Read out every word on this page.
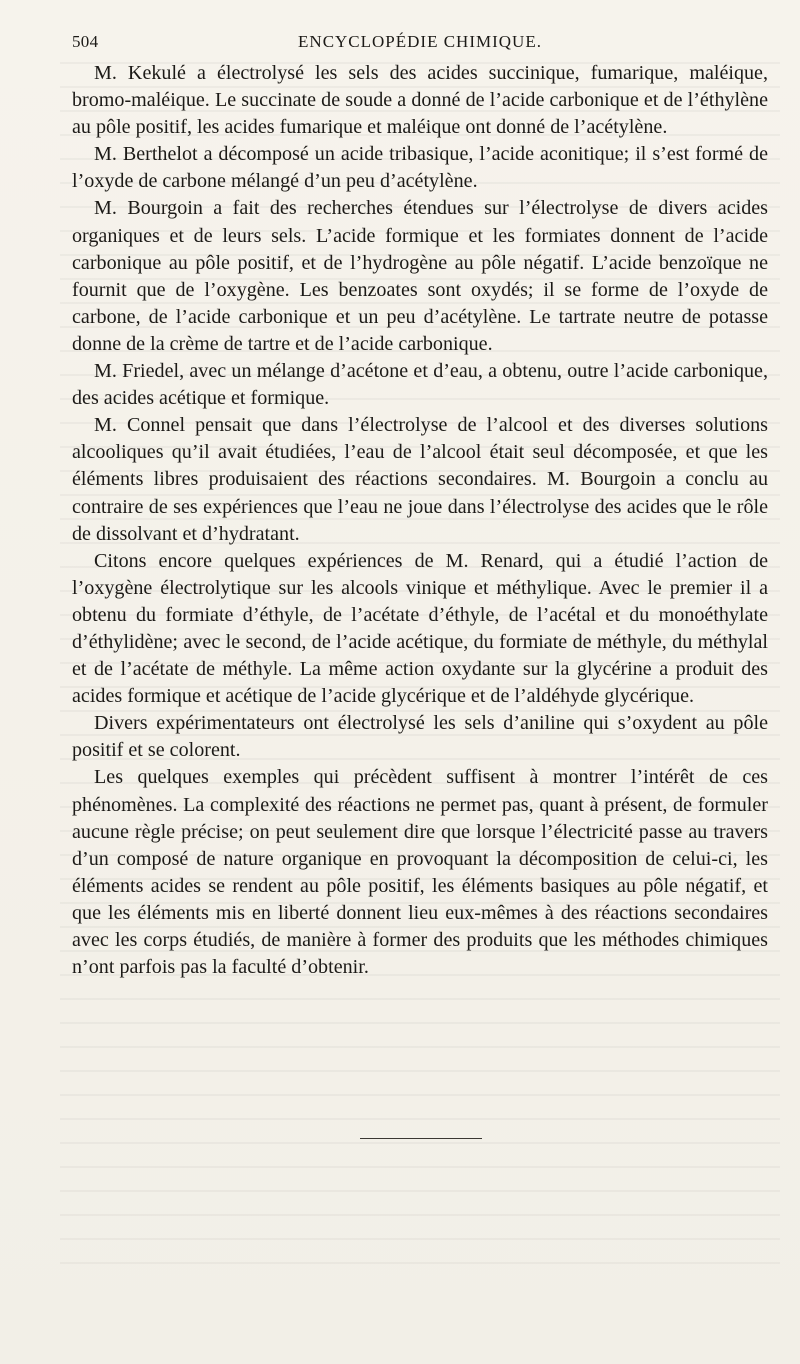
504	ENCYCLOPÉDIE CHIMIQUE.

M. Kekulé a électrolysé les sels des acides succinique, fumarique, maléique, bromo-maléique. Le succinate de soude a donné de l’acide carbonique et de l’éthylène au pôle positif, les acides fumarique et maléique ont donné de l’acétylène.

M. Berthelot a décomposé un acide tribasique, l’acide aconitique; il s’est formé de l’oxyde de carbone mélangé d’un peu d’acétylène.

M. Bourgoin a fait des recherches étendues sur l’électrolyse de divers acides organiques et de leurs sels. L’acide formique et les formiates donnent de l’acide carbonique au pôle positif, et de l’hydrogène au pôle négatif. L’acide benzoïque ne fournit que de l’oxygène. Les benzoates sont oxydés; il se forme de l’oxyde de carbone, de l’acide carbonique et un peu d’acétylène. Le tartrate neutre de potasse donne de la crème de tartre et de l’acide carbonique.

M. Friedel, avec un mélange d’acétone et d’eau, a obtenu, outre l’acide carbonique, des acides acétique et formique.

M. Connel pensait que dans l’électrolyse de l’alcool et des diverses solutions alcooliques qu’il avait étudiées, l’eau de l’alcool était seul décomposée, et que les éléments libres produisaient des réactions secondaires. M. Bourgoin a conclu au contraire de ses expériences que l’eau ne joue dans l’électrolyse des acides que le rôle de dissolvant et d’hydratant.

Citons encore quelques expériences de M. Renard, qui a étudié l’action de l’oxygène électrolytique sur les alcools vinique et méthylique. Avec le premier il a obtenu du formiate d’éthyle, de l’acétate d’éthyle, de l’acétal et du monoéthylate d’éthylidène; avec le second, de l’acide acétique, du formiate de méthyle, du méthylal et de l’acétate de méthyle. La même action oxydante sur la glycérine a produit des acides formique et acétique de l’acide glycérique et de l’aldéhyde glycérique.

Divers expérimentateurs ont électrolysé les sels d’aniline qui s’oxydent au pôle positif et se colorent.

Les quelques exemples qui précèdent suffisent à montrer l’intérêt de ces phénomènes. La complexité des réactions ne permet pas, quant à présent, de formuler aucune règle précise; on peut seulement dire que lorsque l’électricité passe au travers d’un composé de nature organique en provoquant la décomposition de celui-ci, les éléments acides se rendent au pôle positif, les éléments basiques au pôle négatif, et que les éléments mis en liberté donnent lieu eux-mêmes à des réactions secondaires avec les corps étudiés, de manière à former des produits que les méthodes chimiques n’ont parfois pas la faculté d’obtenir.
